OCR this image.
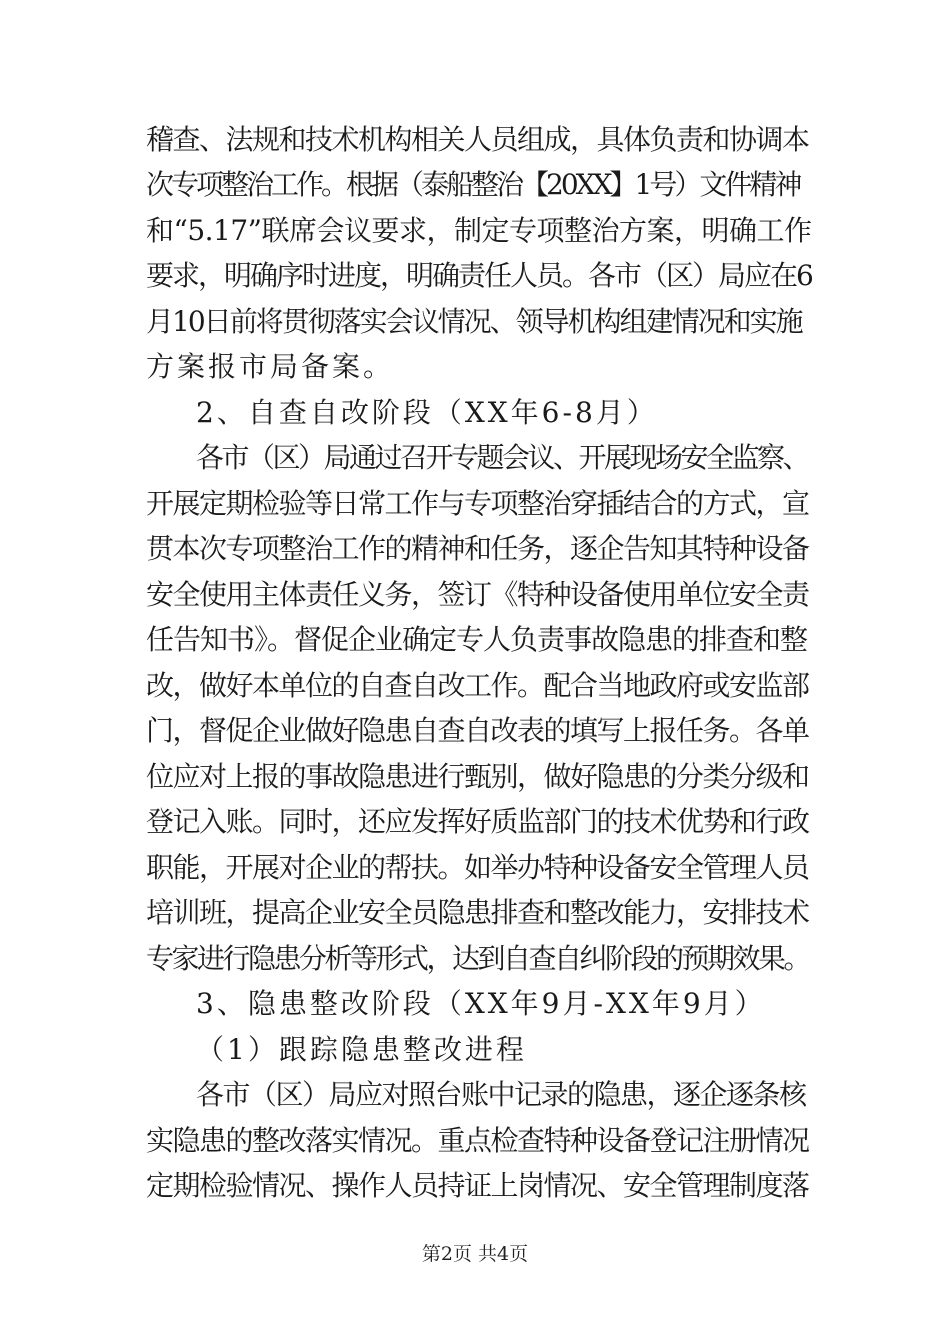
稽查、法规和技术机构相关人员组成，具体负责和协调本
次专项整治工作。根据（泰船整治【20XX】1号）文件精神
和“5.17”联席会议要求，制定专项整治方案，明确工作
要求，明确序时进度，明确责任人员。各市（区）局应在6
月10日前将贯彻落实会议情况、领导机构组建情况和实施
方案报市局备案。
2、自查自改阶段（XX年6-8月）
各市（区）局通过召开专题会议、开展现场安全监察、
开展定期检验等日常工作与专项整治穿插结合的方式，宣
贯本次专项整治工作的精神和任务，逐企告知其特种设备
安全使用主体责任义务，签订《特种设备使用单位安全责
任告知书》。督促企业确定专人负责事故隐患的排查和整
改，做好本单位的自查自改工作。配合当地政府或安监部
门，督促企业做好隐患自查自改表的填写上报任务。各单
位应对上报的事故隐患进行甄别，做好隐患的分类分级和
登记入账。同时，还应发挥好质监部门的技术优势和行政
职能，开展对企业的帮扶。如举办特种设备安全管理人员
培训班，提高企业安全员隐患排查和整改能力，安排技术
专家进行隐患分析等形式，达到自查自纠阶段的预期效果。
3、隐患整改阶段（XX年9月-XX年9月）
（1）跟踪隐患整改进程
各市（区）局应对照台账中记录的隐患，逐企逐条核
实隐患的整改落实情况。重点检查特种设备登记注册情况
定期检验情况、操作人员持证上岗情况、安全管理制度落
第2页 共4页
